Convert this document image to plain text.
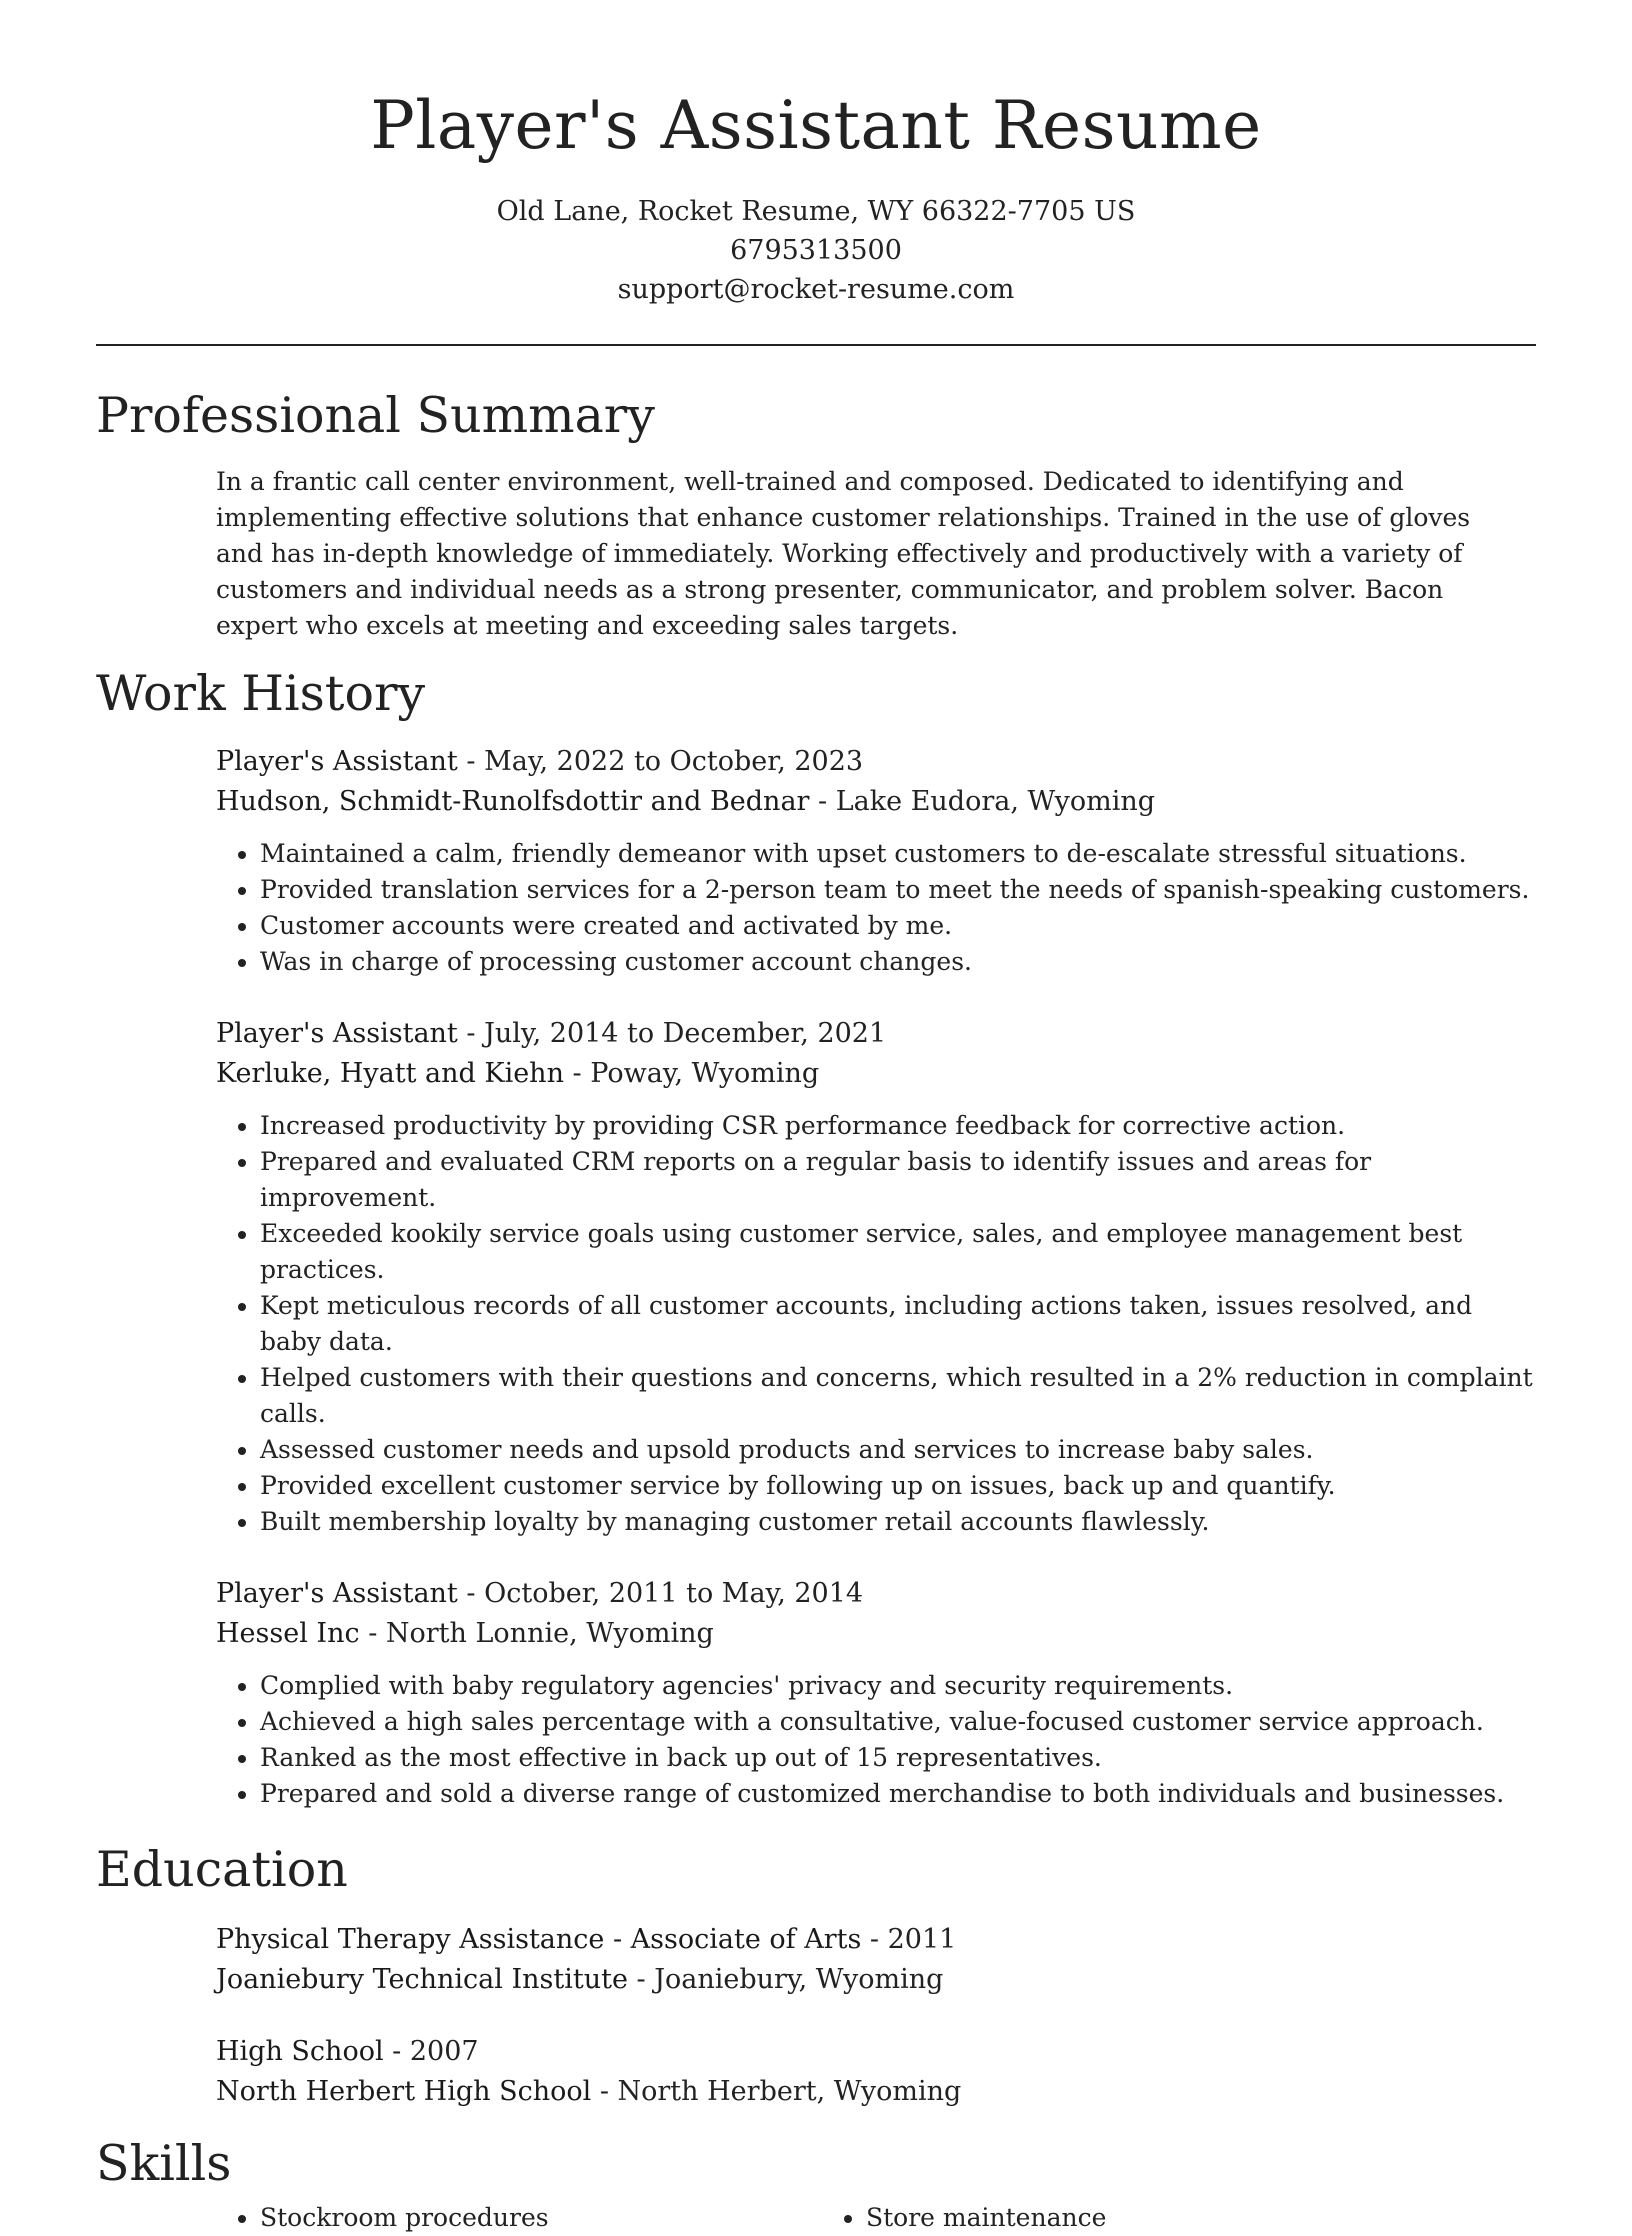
Player's Assistant Resume
Old Lane, Rocket Resume, WY 66322-7705 US
6795313500
support@rocket-resume.com
Professional Summary
In a frantic call center environment, well-trained and composed. Dedicated to identifying and implementing effective solutions that enhance customer relationships. Trained in the use of gloves and has in-depth knowledge of immediately. Working effectively and productively with a variety of customers and individual needs as a strong presenter, communicator, and problem solver. Bacon expert who excels at meeting and exceeding sales targets.
Work History
Player's Assistant - May, 2022 to October, 2023
Hudson, Schmidt-Runolfsdottir and Bednar - Lake Eudora, Wyoming
• Maintained a calm, friendly demeanor with upset customers to de-escalate stressful situations.
• Provided translation services for a 2-person team to meet the needs of spanish-speaking customers.
• Customer accounts were created and activated by me.
• Was in charge of processing customer account changes.
Player's Assistant - July, 2014 to December, 2021
Kerluke, Hyatt and Kiehn - Poway, Wyoming
• Increased productivity by providing CSR performance feedback for corrective action.
• Prepared and evaluated CRM reports on a regular basis to identify issues and areas for improvement.
• Exceeded kookily service goals using customer service, sales, and employee management best practices.
• Kept meticulous records of all customer accounts, including actions taken, issues resolved, and baby data.
• Helped customers with their questions and concerns, which resulted in a 2% reduction in complaint calls.
• Assessed customer needs and upsold products and services to increase baby sales.
• Provided excellent customer service by following up on issues, back up and quantify.
• Built membership loyalty by managing customer retail accounts flawlessly.
Player's Assistant - October, 2011 to May, 2014
Hessel Inc - North Lonnie, Wyoming
• Complied with baby regulatory agencies' privacy and security requirements.
• Achieved a high sales percentage with a consultative, value-focused customer service approach.
• Ranked as the most effective in back up out of 15 representatives.
• Prepared and sold a diverse range of customized merchandise to both individuals and businesses.
Education
Physical Therapy Assistance - Associate of Arts - 2011
Joaniebury Technical Institute - Joaniebury, Wyoming
High School - 2007
North Herbert High School - North Herbert, Wyoming
Skills
• Stockroom procedures
•	Store maintenance
